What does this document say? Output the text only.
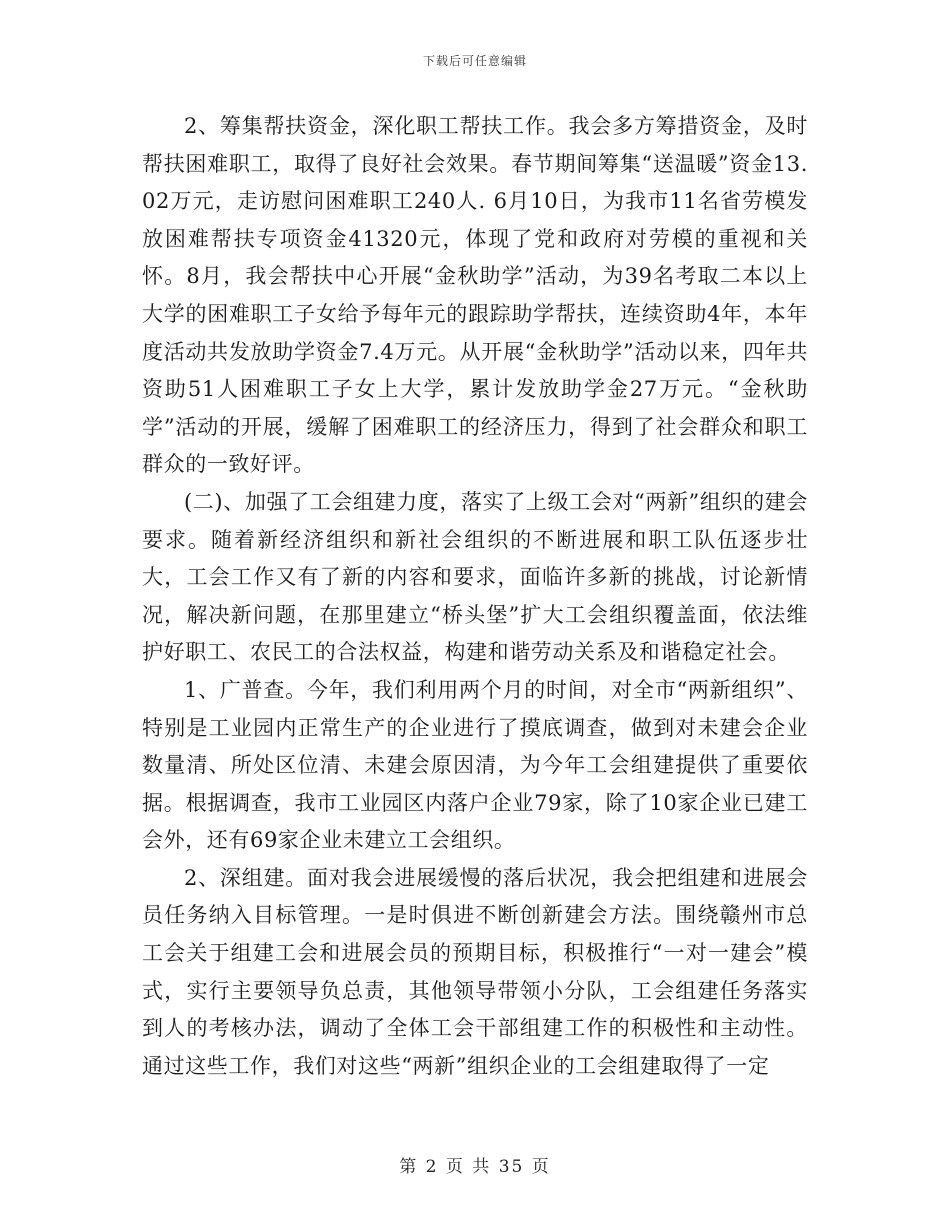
下载后可任意编辑

2、筹集帮扶资金，深化职工帮扶工作。我会多方筹措资金，及时帮扶困难职工，取得了良好社会效果。春节期间筹集“送温暖”资金13.02万元，走访慰问困难职工240人. 6月10日，为我市11名省劳模发放困难帮扶专项资金41320元，体现了党和政府对劳模的重视和关怀。8月，我会帮扶中心开展“金秋助学”活动，为39名考取二本以上大学的困难职工子女给予每年元的跟踪助学帮扶，连续资助4年，本年度活动共发放助学资金7.4万元。从开展“金秋助学”活动以来，四年共资助51人困难职工子女上大学，累计发放助学金27万元。“金秋助学”活动的开展，缓解了困难职工的经济压力，得到了社会群众和职工群众的一致好评。

(二)、加强了工会组建力度，落实了上级工会对“两新”组织的建会要求。随着新经济组织和新社会组织的不断进展和职工队伍逐步壮大，工会工作又有了新的内容和要求，面临许多新的挑战，讨论新情况，解决新问题，在那里建立“桥头堡”扩大工会组织覆盖面，依法维护好职工、农民工的合法权益，构建和谐劳动关系及和谐稳定社会。

1、广普查。今年，我们利用两个月的时间，对全市“两新组织”、特别是工业园内正常生产的企业进行了摸底调查，做到对未建会企业数量清、所处区位清、未建会原因清，为今年工会组建提供了重要依据。根据调查，我市工业园区内落户企业79家，除了10家企业已建工会外，还有69家企业未建立工会组织。

2、深组建。面对我会进展缓慢的落后状况，我会把组建和进展会员任务纳入目标管理。一是时俱进不断创新建会方法。围绕赣州市总工会关于组建工会和进展会员的预期目标，积极推行“一对一建会”模式，实行主要领导负总责，其他领导带领小分队，工会组建任务落实到人的考核办法，调动了全体工会干部组建工作的积极性和主动性。通过这些工作，我们对这些“两新”组织企业的工会组建取得了一定

第 2 页 共 35 页
